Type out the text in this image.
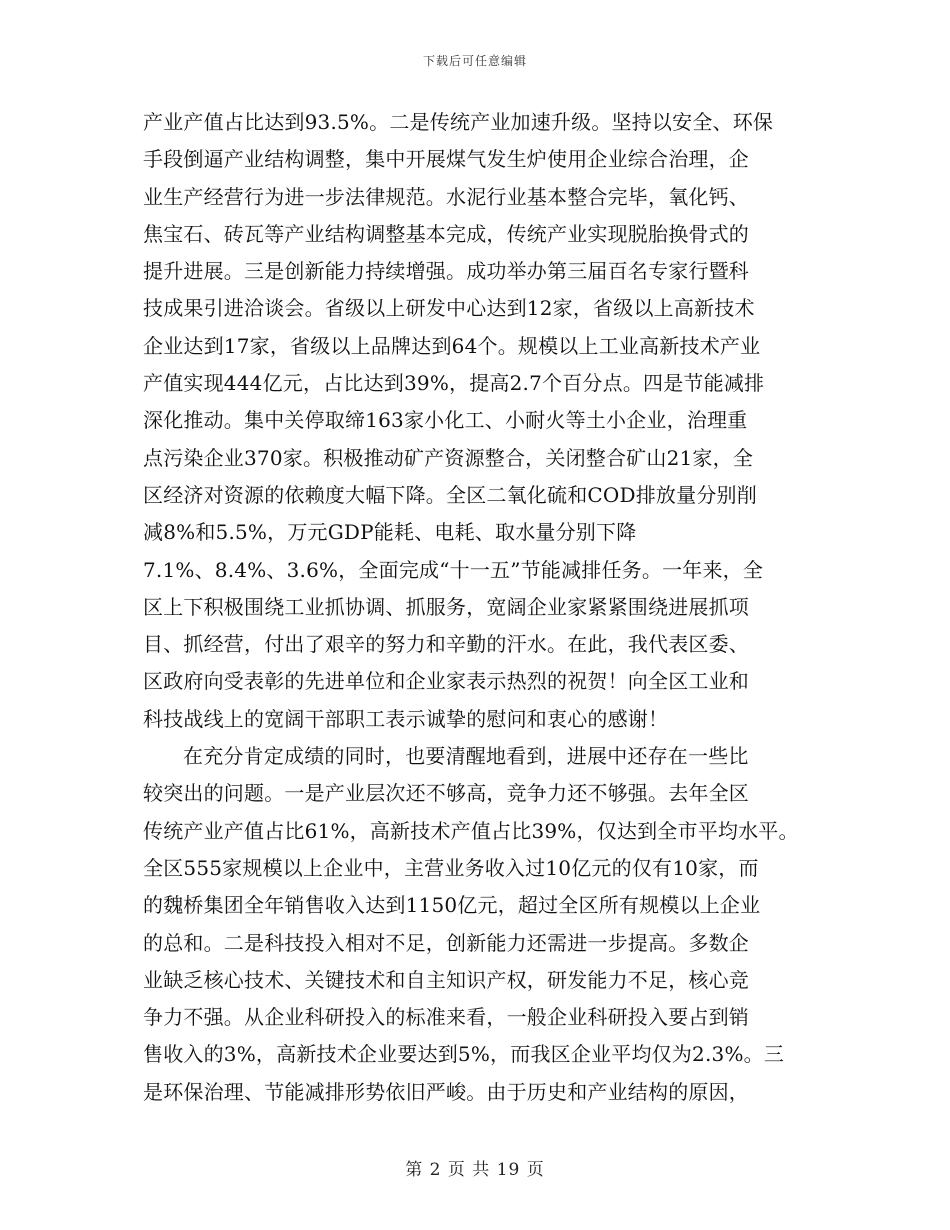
下载后可任意编辑
产业产值占比达到93.5%。二是传统产业加速升级。坚持以安全、环保
手段倒逼产业结构调整，集中开展煤气发生炉使用企业综合治理，企
业生产经营行为进一步法律规范。水泥行业基本整合完毕，氧化钙、
焦宝石、砖瓦等产业结构调整基本完成，传统产业实现脱胎换骨式的
提升进展。三是创新能力持续增强。成功举办第三届百名专家行暨科
技成果引进洽谈会。省级以上研发中心达到12家，省级以上高新技术
企业达到17家，省级以上品牌达到64个。规模以上工业高新技术产业
产值实现444亿元，占比达到39%，提高2.7个百分点。四是节能减排
深化推动。集中关停取缔163家小化工、小耐火等土小企业，治理重
点污染企业370家。积极推动矿产资源整合，关闭整合矿山21家，全
区经济对资源的依赖度大幅下降。全区二氧化硫和COD排放量分别削
减8%和5.5%，万元GDP能耗、电耗、取水量分别下降
7.1%、8.4%、3.6%，全面完成“十一五”节能减排任务。一年来，全
区上下积极围绕工业抓协调、抓服务，宽阔企业家紧紧围绕进展抓项
目、抓经营，付出了艰辛的努力和辛勤的汗水。在此，我代表区委、
区政府向受表彰的先进单位和企业家表示热烈的祝贺！向全区工业和
科技战线上的宽阔干部职工表示诚挚的慰问和衷心的感谢！
在充分肯定成绩的同时，也要清醒地看到，进展中还存在一些比
较突出的问题。一是产业层次还不够高，竞争力还不够强。去年全区
传统产业产值占比61%，高新技术产值占比39%，仅达到全市平均水平。
全区555家规模以上企业中，主营业务收入过10亿元的仅有10家，而
的魏桥集团全年销售收入达到1150亿元，超过全区所有规模以上企业
的总和。二是科技投入相对不足，创新能力还需进一步提高。多数企
业缺乏核心技术、关键技术和自主知识产权，研发能力不足，核心竞
争力不强。从企业科研投入的标准来看，一般企业科研投入要占到销
售收入的3%，高新技术企业要达到5%，而我区企业平均仅为2.3%。三
是环保治理、节能减排形势依旧严峻。由于历史和产业结构的原因，
第 2 页 共 19 页
